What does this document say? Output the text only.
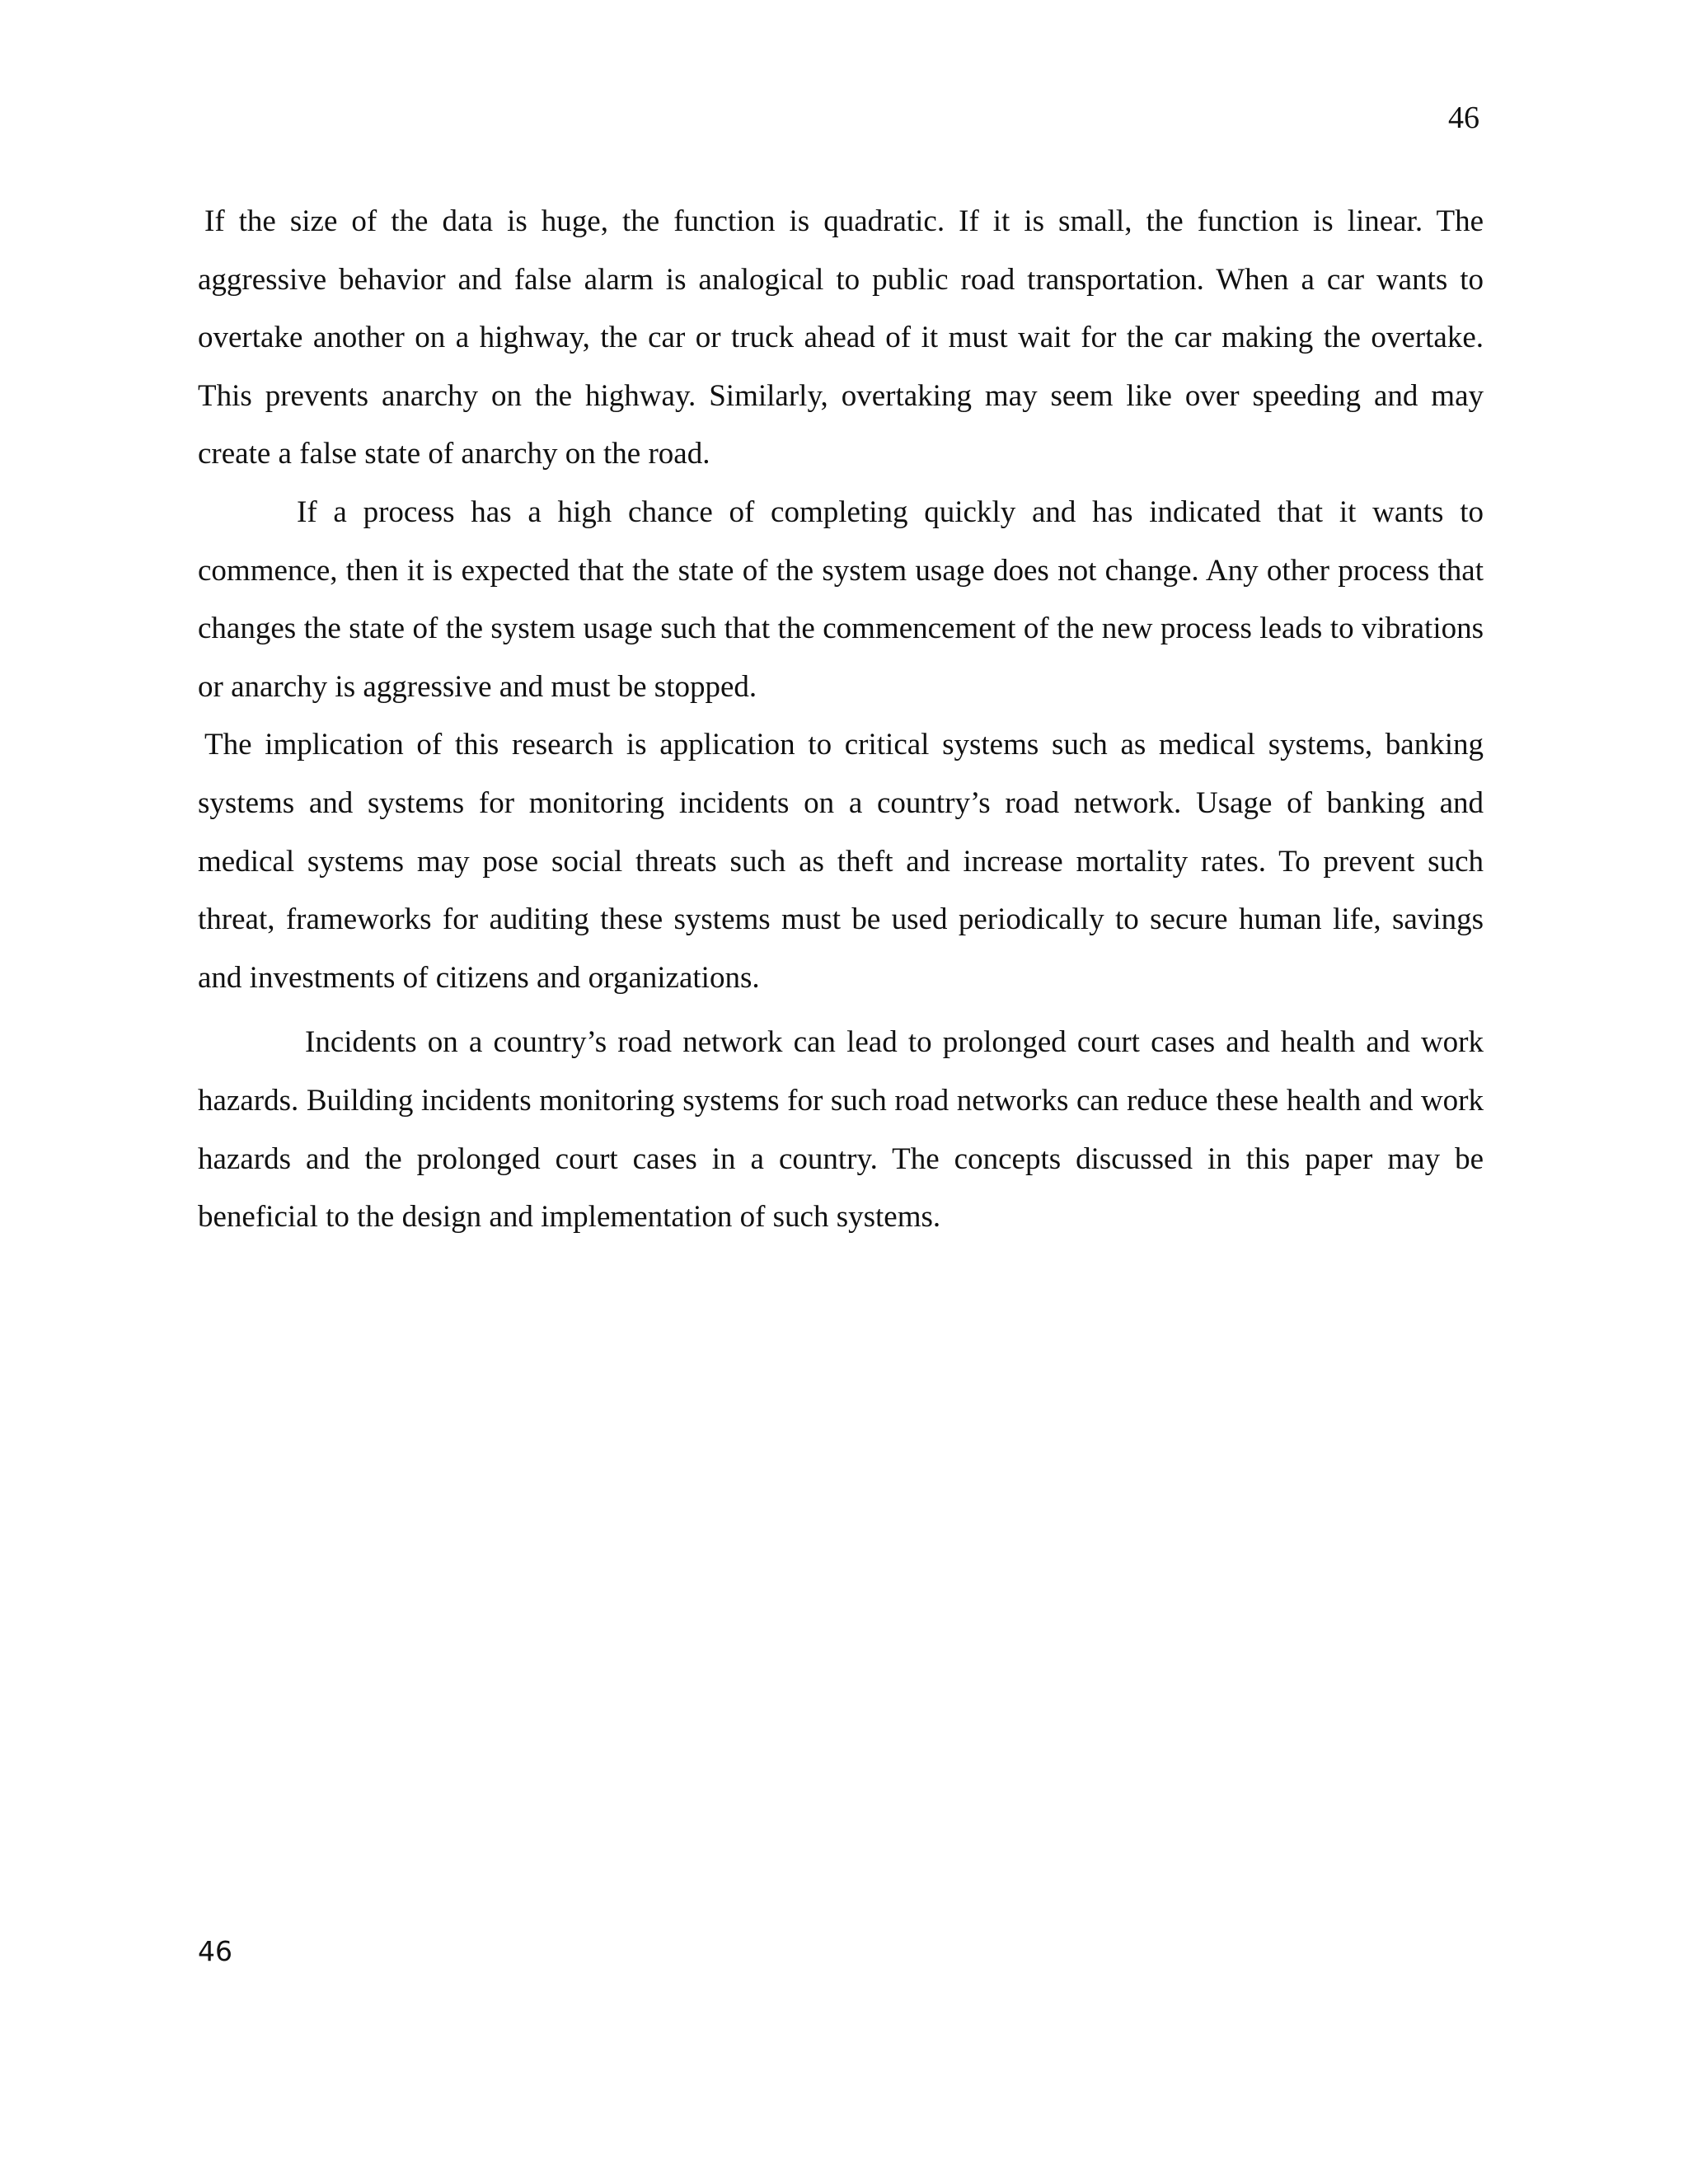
46

If the size of the data is huge, the function is quadratic. If it is small, the function is linear. The aggressive behavior and false alarm is analogical to public road transportation. When a car wants to overtake another on a highway, the car or truck ahead of it must wait for the car making the overtake. This prevents anarchy on the highway. Similarly, overtaking may seem like over speeding and may create a false state of anarchy on the road.

If a process has a high chance of completing quickly and has indicated that it wants to commence, then it is expected that the state of the system usage does not change. Any other process that changes the state of the system usage such that the commencement of the new process leads to vibrations or anarchy is aggressive and must be stopped.

The implication of this research is application to critical systems such as medical systems, banking systems and systems for monitoring incidents on a country’s road network. Usage of banking and medical systems may pose social threats such as theft and increase mortality rates. To prevent such threat, frameworks for auditing these systems must be used periodically to secure human life, savings and investments of citizens and organizations.

Incidents on a country’s road network can lead to prolonged court cases and health and work hazards. Building incidents monitoring systems for such road networks can reduce these health and work hazards and the prolonged court cases in a country. The concepts discussed in this paper may be beneficial to the design and implementation of such systems.

46
